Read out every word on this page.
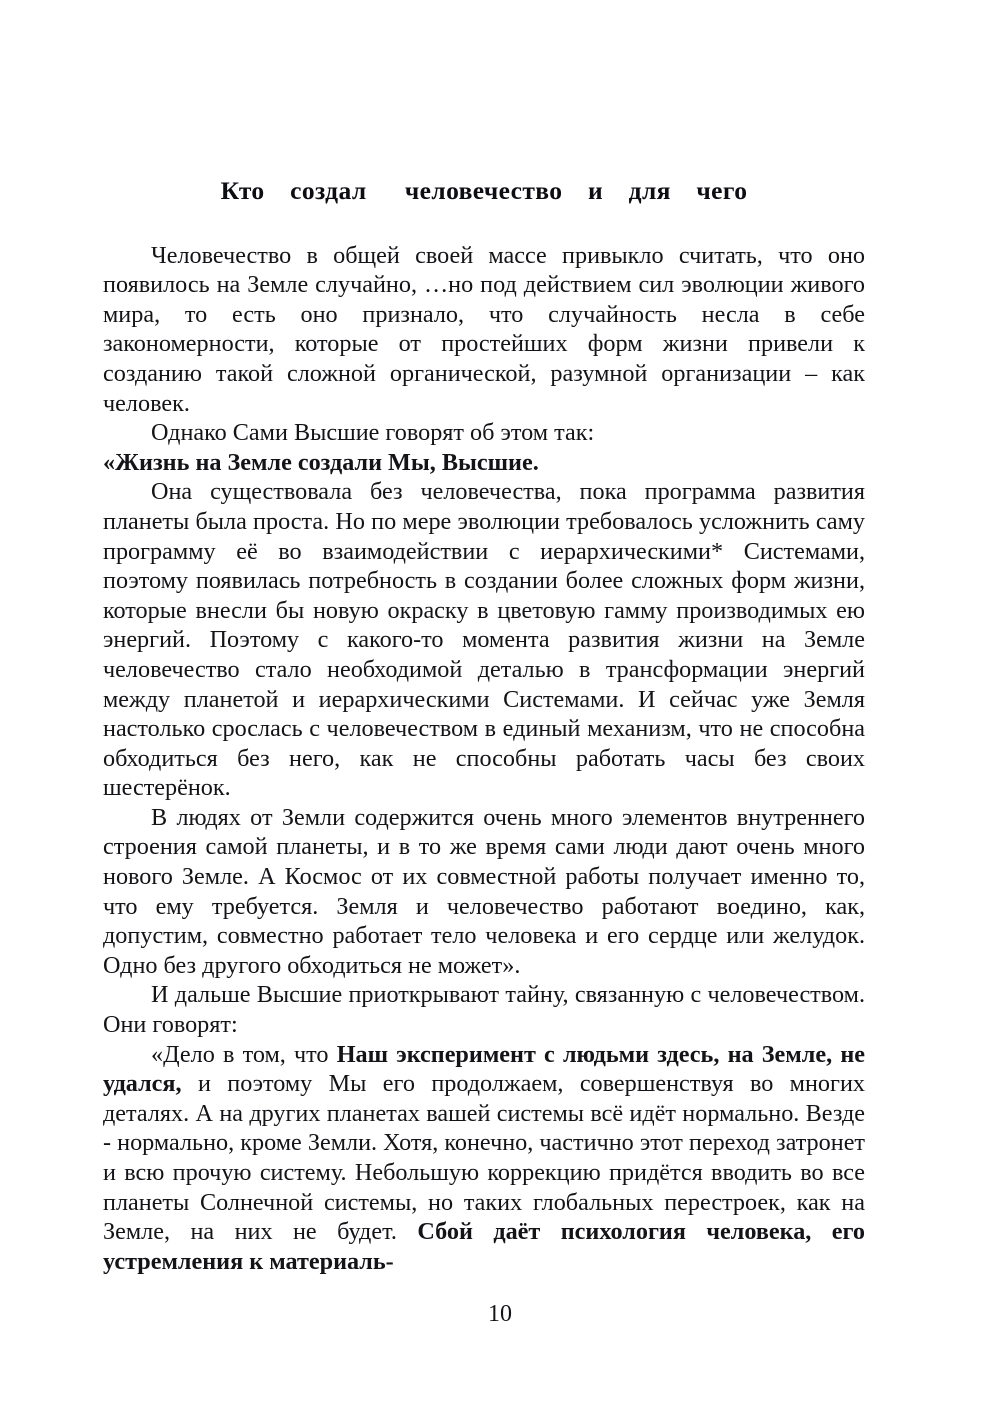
Кто  создал   человечество  и  для  чего

Человечество в общей своей массе привыкло считать, что оно появилось на Земле случайно, …но под действием сил эволюции живого мира, то есть оно признало, что случайность несла в себе закономерности, которые от простейших форм жизни привели к созданию такой сложной органической, разумной организации – как человек.

Однако Сами Высшие говорят об этом так:

«Жизнь на Земле создали Мы, Высшие.

Она существовала без человечества, пока программа развития планеты была проста. Но по мере эволюции требовалось усложнить саму программу её во взаимодействии с иерархическими* Системами, поэтому появилась потребность в создании более сложных форм жизни, которые внесли бы новую окраску в цветовую гамму производимых ею энергий. Поэтому с какого-то момента развития жизни на Земле человечество стало необходимой деталью в трансформации энергий между планетой и иерархическими Системами. И сейчас уже Земля настолько срослась с человечеством в единый механизм, что не способна обходиться без него, как не способны работать часы без своих шестерёнок.

В людях от Земли содержится очень много элементов внутреннего строения самой планеты, и в то же время сами люди дают очень много нового Земле. А Космос от их совместной работы получает именно то, что ему требуется. Земля и человечество работают воедино, как, допустим, совместно работает тело человека и его сердце или желудок. Одно без другого обходиться не может».

И дальше Высшие приоткрывают тайну, связанную с человечеством. Они говорят:

«Дело в том, что Наш эксперимент с людьми здесь, на Земле, не удался, и поэтому Мы его продолжаем, совершенствуя во многих деталях. А на других планетах вашей системы всё идёт нормально. Везде - нормально, кроме Земли. Хотя, конечно, частично этот переход затронет и всю прочую систему. Небольшую коррекцию придётся вводить во все планеты Солнечной системы, но таких глобальных перестроек, как на Земле, на них не будет. Сбой даёт психология человека, его устремления к материаль-

10
